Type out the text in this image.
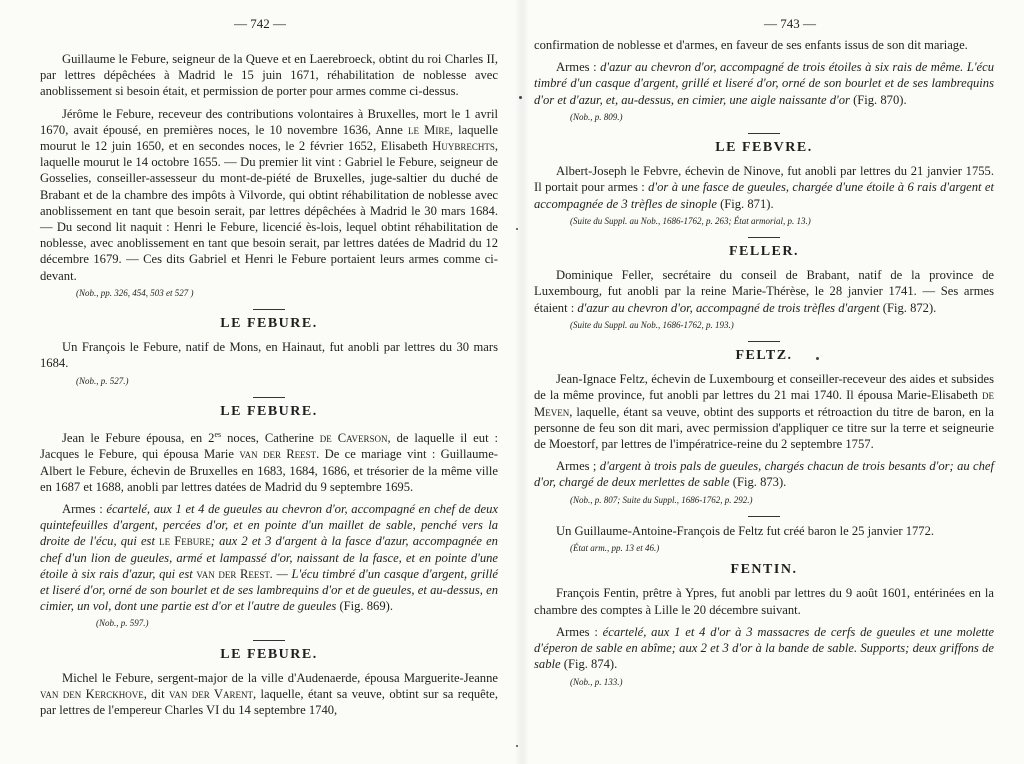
— 742 —

Guillaume le Febure, seigneur de la Queve et en Laerebroeck, obtint du roi Charles II, par lettres dépêchées à Madrid le 15 juin 1671, réhabilitation de noblesse avec anoblissement si besoin était, et permission de porter pour armes comme ci-dessus.

Jérôme le Febure, receveur des contributions volontaires à Bruxelles, mort le 1 avril 1670, avait épousé, en premières noces, le 10 novembre 1636, Anne le Mire, laquelle mourut le 12 juin 1650, et en secondes noces, le 2 février 1652, Elisabeth Huybrechts, laquelle mourut le 14 octobre 1655. — Du premier lit vint : Gabriel le Febure, seigneur de Gosselies, conseiller-assesseur du mont-de-piété de Bruxelles, juge-saltier du duché de Brabant et de la chambre des impôts à Vilvorde, qui obtint réhabilitation de noblesse avec anoblissement en tant que besoin serait, par lettres dépêchées à Madrid le 30 mars 1684. — Du second lit naquit : Henri le Febure, licencié ès-lois, lequel obtint réhabilitation de noblesse, avec anoblissement en tant que besoin serait, par lettres datées de Madrid du 12 décembre 1679. — Ces dits Gabriel et Henri le Febure portaient leurs armes comme ci-devant.

(Nob., pp. 326, 454, 503 et 527 )
LE FEBURE.

Un François le Febure, natif de Mons, en Hainaut, fut anobli par lettres du 30 mars 1684.

(Nob., p. 527.)
LE FEBURE.

Jean le Febure épousa, en $2^{es}$ noces, Catherine de Caverson, de laquelle il eut : Jacques le Febure, qui épousa Marie van der Reest. De ce mariage vint : Guillaume-Albert le Febure, échevin de Bruxelles en 1683, 1684, 1686, et trésorier de la même ville en 1687 et 1688, anobli par lettres datées de Madrid du 9 septembre 1695.

Armes : écartelé, aux 1 et 4 de gueules au chevron d'or, accompagné en chef de deux quintefeuilles d'argent, percées d'or, et en pointe d'un maillet de sable, penché vers la droite de l'écu, qui est le Febure; aux 2 et 3 d'argent à la fasce d'azur, accompagnée en chef d'un lion de gueules, armé et lampassé d'or, naissant de la fasce, et en pointe d'une étoile à six rais d'azur, qui est van der Reest. — L'écu timbré d'un casque d'argent, grillé et liseré d'or, orné de son bourlet et de ses lambrequins d'or et de gueules, et au-dessus, en cimier, un vol, dont une partie est d'or et l'autre de gueules (Fig. 869).

(Nob., p. 597.)
LE FEBURE.

Michel le Febure, sergent-major de la ville d'Audenaerde, épousa Marguerite-Jeanne van den Kerckhove, dit van der Varent, laquelle, étant sa veuve, obtint sur sa requête, par lettres de l'empereur Charles VI du 14 septembre 1740,

— 743 —

confirmation de noblesse et d'armes, en faveur de ses enfants issus de son dit mariage.

Armes : d'azur au chevron d'or, accompagné de trois étoiles à six rais de même. L'écu timbré d'un casque d'argent, grillé et liseré d'or, orné de son bourlet et de ses lambrequins d'or et d'azur, et, au-dessus, en cimier, une aigle naissante d'or (Fig. 870).

(Nob., p. 809.)
LE FEBVRE.

Albert-Joseph le Febvre, échevin de Ninove, fut anobli par lettres du 21 janvier 1755. Il portait pour armes : d'or à une fasce de gueules, chargée d'une étoile à 6 rais d'argent et accompagnée de 3 trèfles de sinople (Fig. 871).

(Suite du Suppl. au Nob., 1686-1762, p. 263; État armorial, p. 13.)
FELLER.

Dominique Feller, secrétaire du conseil de Brabant, natif de la province de Luxembourg, fut anobli par la reine Marie-Thérèse, le 28 janvier 1741. — Ses armes étaient : d'azur au chevron d'or, accompagné de trois trèfles d'argent (Fig. 872).

(Suite du Suppl. au Nob., 1686-1762, p. 193.)
FELTZ.

Jean-Ignace Feltz, échevin de Luxembourg et conseiller-receveur des aides et subsides de la même province, fut anobli par lettres du 21 mai 1740. Il épousa Marie-Elisabeth de Meven, laquelle, étant sa veuve, obtint des supports et rétroaction du titre de baron, en la personne de feu son dit mari, avec permission d'appliquer ce titre sur la terre et seigneurie de Moestorf, par lettres de l'impératrice-reine du 2 septembre 1757.

Armes ; d'argent à trois pals de gueules, chargés chacun de trois besants d'or; au chef d'or, chargé de deux merlettes de sable (Fig. 873).

(Nob., p. 807; Suite du Suppl., 1686-1762, p. 292.)

Un Guillaume-Antoine-François de Feltz fut créé baron le 25 janvier 1772.

(État arm., pp. 13 et 46.)
FENTIN.

François Fentin, prêtre à Ypres, fut anobli par lettres du 9 août 1601, entérinées en la chambre des comptes à Lille le 20 décembre suivant.

Armes : écartelé, aux 1 et 4 d'or à 3 massacres de cerfs de gueules et une molette d'éperon de sable en abîme; aux 2 et 3 d'or à la bande de sable. Supports; deux griffons de sable (Fig. 874).

(Nob., p. 133.)
